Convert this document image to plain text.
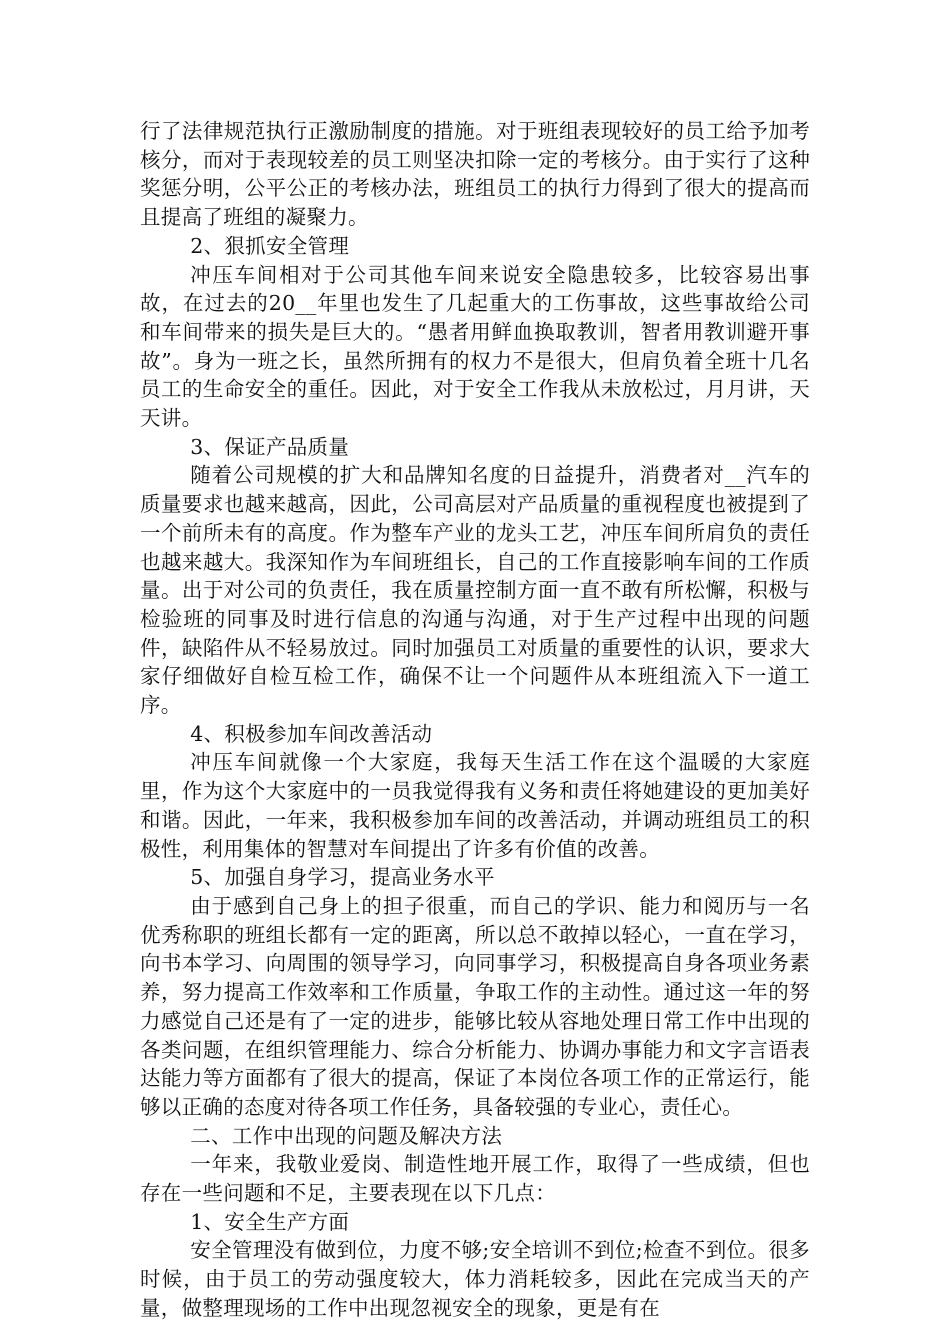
行了法律规范执行正激励制度的措施。对于班组表现较好的员工给予加考核分，而对于表现较差的员工则坚决扣除一定的考核分。由于实行了这种奖惩分明，公平公正的考核办法，班组员工的执行力得到了很大的提高而且提高了班组的凝聚力。

2、狠抓安全管理

冲压车间相对于公司其他车间来说安全隐患较多，比较容易出事故，在过去的20__年里也发生了几起重大的工伤事故，这些事故给公司和车间带来的损失是巨大的。“愚者用鲜血换取教训，智者用教训避开事故”。身为一班之长，虽然所拥有的权力不是很大，但肩负着全班十几名员工的生命安全的重任。因此，对于安全工作我从未放松过，月月讲，天天讲。

3、保证产品质量

随着公司规模的扩大和品牌知名度的日益提升，消费者对__汽车的质量要求也越来越高，因此，公司高层对产品质量的重视程度也被提到了一个前所未有的高度。作为整车产业的龙头工艺，冲压车间所肩负的责任也越来越大。我深知作为车间班组长，自己的工作直接影响车间的工作质量。出于对公司的负责任，我在质量控制方面一直不敢有所松懈，积极与检验班的同事及时进行信息的沟通与沟通，对于生产过程中出现的问题件，缺陷件从不轻易放过。同时加强员工对质量的重要性的认识，要求大家仔细做好自检互检工作，确保不让一个问题件从本班组流入下一道工序。

4、积极参加车间改善活动

冲压车间就像一个大家庭，我每天生活工作在这个温暖的大家庭里，作为这个大家庭中的一员我觉得我有义务和责任将她建设的更加美好和谐。因此，一年来，我积极参加车间的改善活动，并调动班组员工的积极性，利用集体的智慧对车间提出了许多有价值的改善。

5、加强自身学习，提高业务水平

由于感到自己身上的担子很重，而自己的学识、能力和阅历与一名优秀称职的班组长都有一定的距离，所以总不敢掉以轻心，一直在学习，向书本学习、向周围的领导学习，向同事学习，积极提高自身各项业务素养，努力提高工作效率和工作质量，争取工作的主动性。通过这一年的努力感觉自己还是有了一定的进步，能够比较从容地处理日常工作中出现的各类问题，在组织管理能力、综合分析能力、协调办事能力和文字言语表达能力等方面都有了很大的提高，保证了本岗位各项工作的正常运行，能够以正确的态度对待各项工作任务，具备较强的专业心，责任心。

二、工作中出现的问题及解决方法

一年来，我敬业爱岗、制造性地开展工作，取得了一些成绩，但也存在一些问题和不足，主要表现在以下几点：

1、安全生产方面

安全管理没有做到位，力度不够;安全培训不到位;检查不到位。很多时候，由于员工的劳动强度较大，体力消耗较多，因此在完成当天的产量，做整理现场的工作中出现忽视安全的现象，更是有在
